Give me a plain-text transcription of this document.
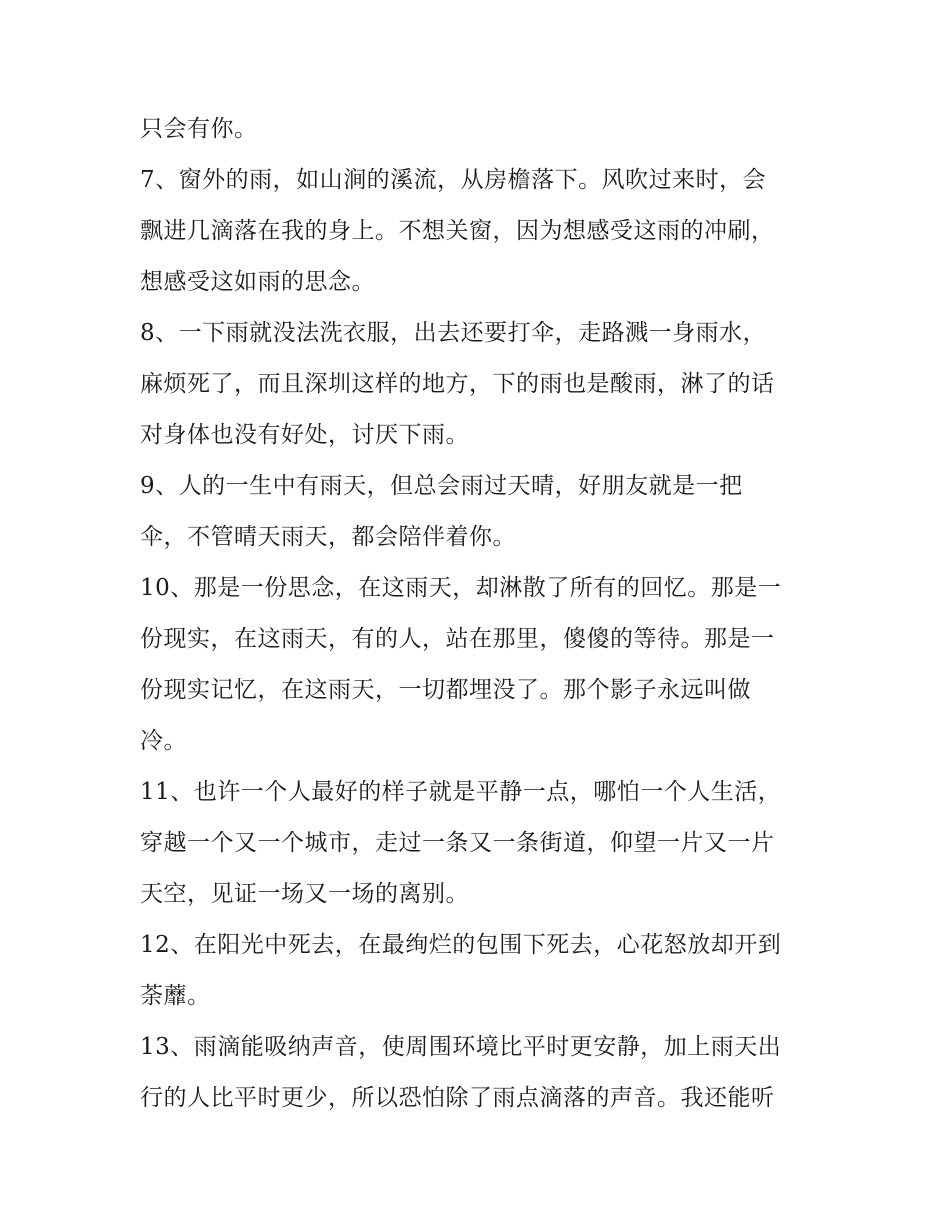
只会有你。
7、窗外的雨，如山涧的溪流，从房檐落下。风吹过来时，会
飘进几滴落在我的身上。不想关窗，因为想感受这雨的冲刷，
想感受这如雨的思念。
8、一下雨就没法洗衣服，出去还要打伞，走路溅一身雨水，
麻烦死了，而且深圳这样的地方，下的雨也是酸雨，淋了的话
对身体也没有好处，讨厌下雨。
9、人的一生中有雨天，但总会雨过天晴，好朋友就是一把
伞，不管晴天雨天，都会陪伴着你。
10、那是一份思念，在这雨天，却淋散了所有的回忆。那是一
份现实，在这雨天，有的人，站在那里，傻傻的等待。那是一
份现实记忆，在这雨天，一切都埋没了。那个影子永远叫做
冷。
11、也许一个人最好的样子就是平静一点，哪怕一个人生活，
穿越一个又一个城市，走过一条又一条街道，仰望一片又一片
天空，见证一场又一场的离别。
12、在阳光中死去，在最绚烂的包围下死去，心花怒放却开到
荼蘼。
13、雨滴能吸纳声音，使周围环境比平时更安静，加上雨天出
行的人比平时更少，所以恐怕除了雨点滴落的声音。我还能听
